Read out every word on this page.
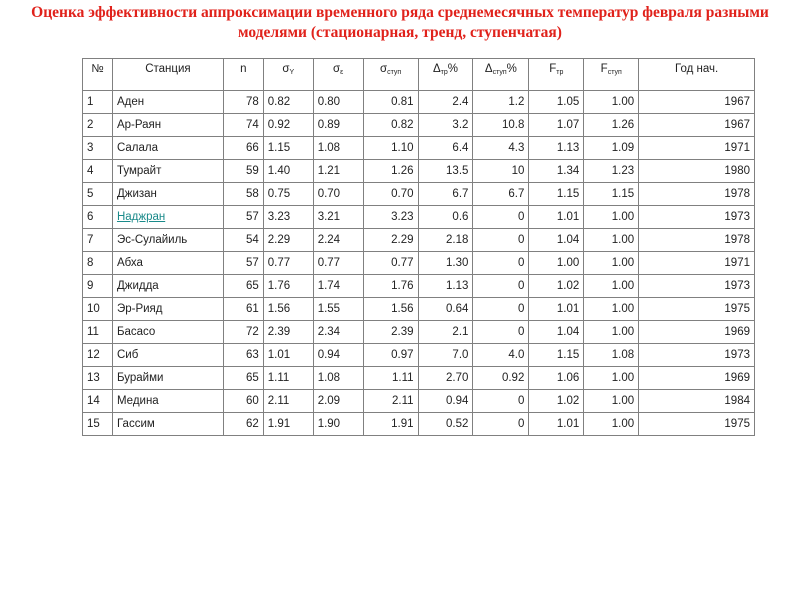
Оценка эффективности аппроксимации временного ряда среднемесячных температур февраля разными моделями (стационарная, тренд, ступенчатая)
№	Станция	n	$\sigma_Y$	$\sigma_\varepsilon$	$\sigma_{ступ}$	$\Delta_{тр}\%$	$\Delta_{ступ}\%$	$F_{тр}$	$F_{ступ}$	Год нач.
1	Аден	78	0.82	0.80	0.81	2.4	1.2	1.05	1.00	1967
2	Ар-Раян	74	0.92	0.89	0.82	3.2	10.8	1.07	1.26	1967
3	Салала	66	1.15	1.08	1.10	6.4	4.3	1.13	1.09	1971
4	Тумрайт	59	1.40	1.21	1.26	13.5	10	1.34	1.23	1980
5	Джизан	58	0.75	0.70	0.70	6.7	6.7	1.15	1.15	1978
6	Наджран	57	3.23	3.21	3.23	0.6	0	1.01	1.00	1973
7	Эс-Сулайиль	54	2.29	2.24	2.29	2.18	0	1.04	1.00	1978
8	Абха	57	0.77	0.77	0.77	1.30	0	1.00	1.00	1971
9	Джидда	65	1.76	1.74	1.76	1.13	0	1.02	1.00	1973
10	Эр-Рияд	61	1.56	1.55	1.56	0.64	0	1.01	1.00	1975
11	Басасо	72	2.39	2.34	2.39	2.1	0	1.04	1.00	1969
12	Сиб	63	1.01	0.94	0.97	7.0	4.0	1.15	1.08	1973
13	Бурайми	65	1.11	1.08	1.11	2.70	0.92	1.06	1.00	1969
14	Медина	60	2.11	2.09	2.11	0.94	0	1.02	1.00	1984
15	Гассим	62	1.91	1.90	1.91	0.52	0	1.01	1.00	1975
